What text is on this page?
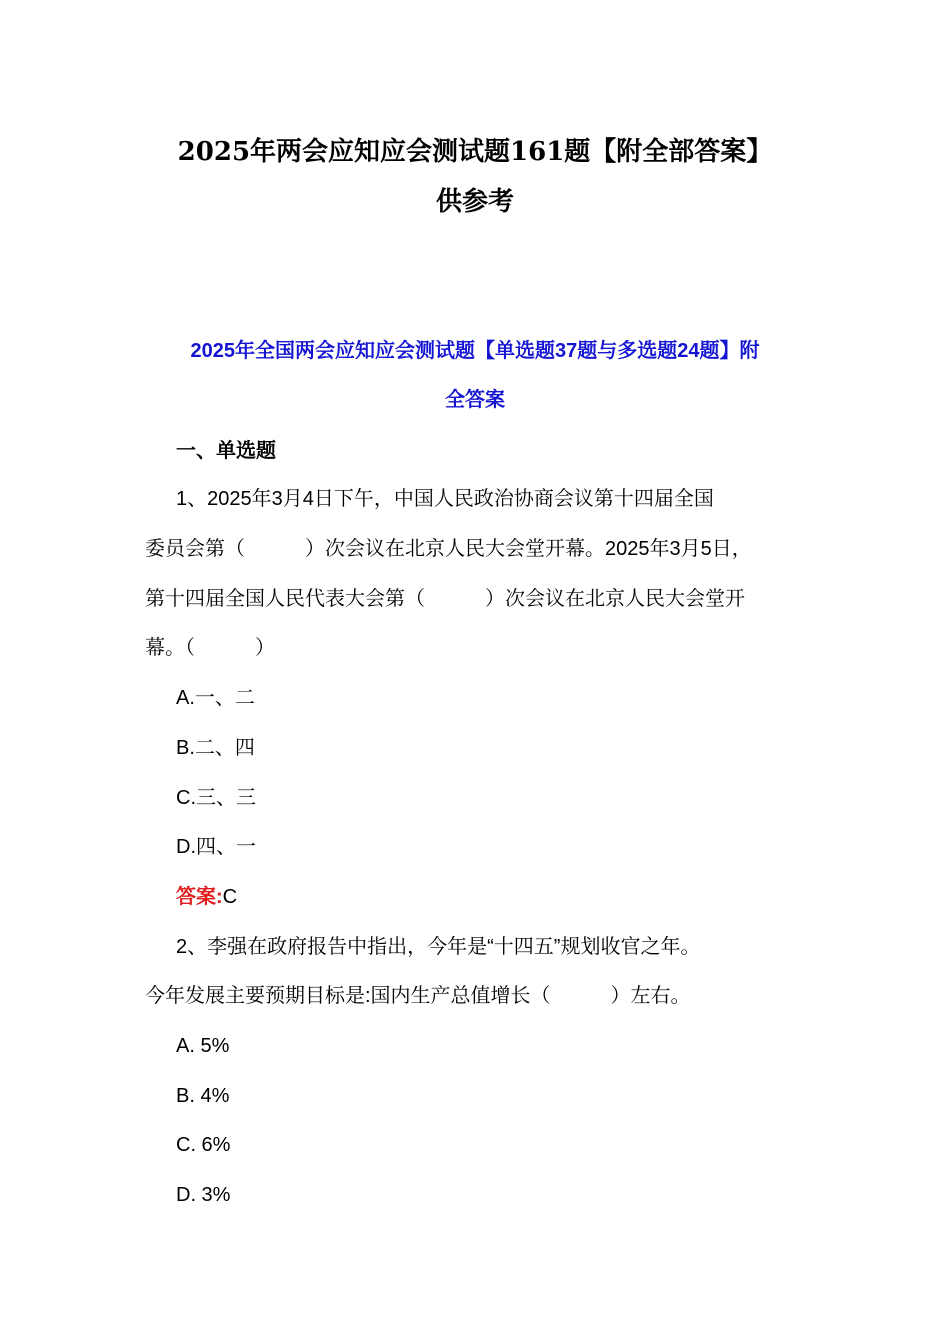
2025年两会应知应会测试题161题【附全部答案】
供参考
2025年全国两会应知应会测试题【单选题37题与多选题24题】附
全答案
一、单选题
1、2025年3月4日下午，中国人民政治协商会议第十四届全国
委员会第（　　　）次会议在北京人民大会堂开幕。2025年3月5日，
第十四届全国人民代表大会第（　　　）次会议在北京人民大会堂开
幕。（　　　）
A.一、二
B.二、四
C.三、三
D.四、一
答案:C
2、李强在政府报告中指出，今年是“十四五”规划收官之年。
今年发展主要预期目标是:国内生产总值增长（　　　）左右。
A. 5%
B. 4%
C. 6%
D. 3%
